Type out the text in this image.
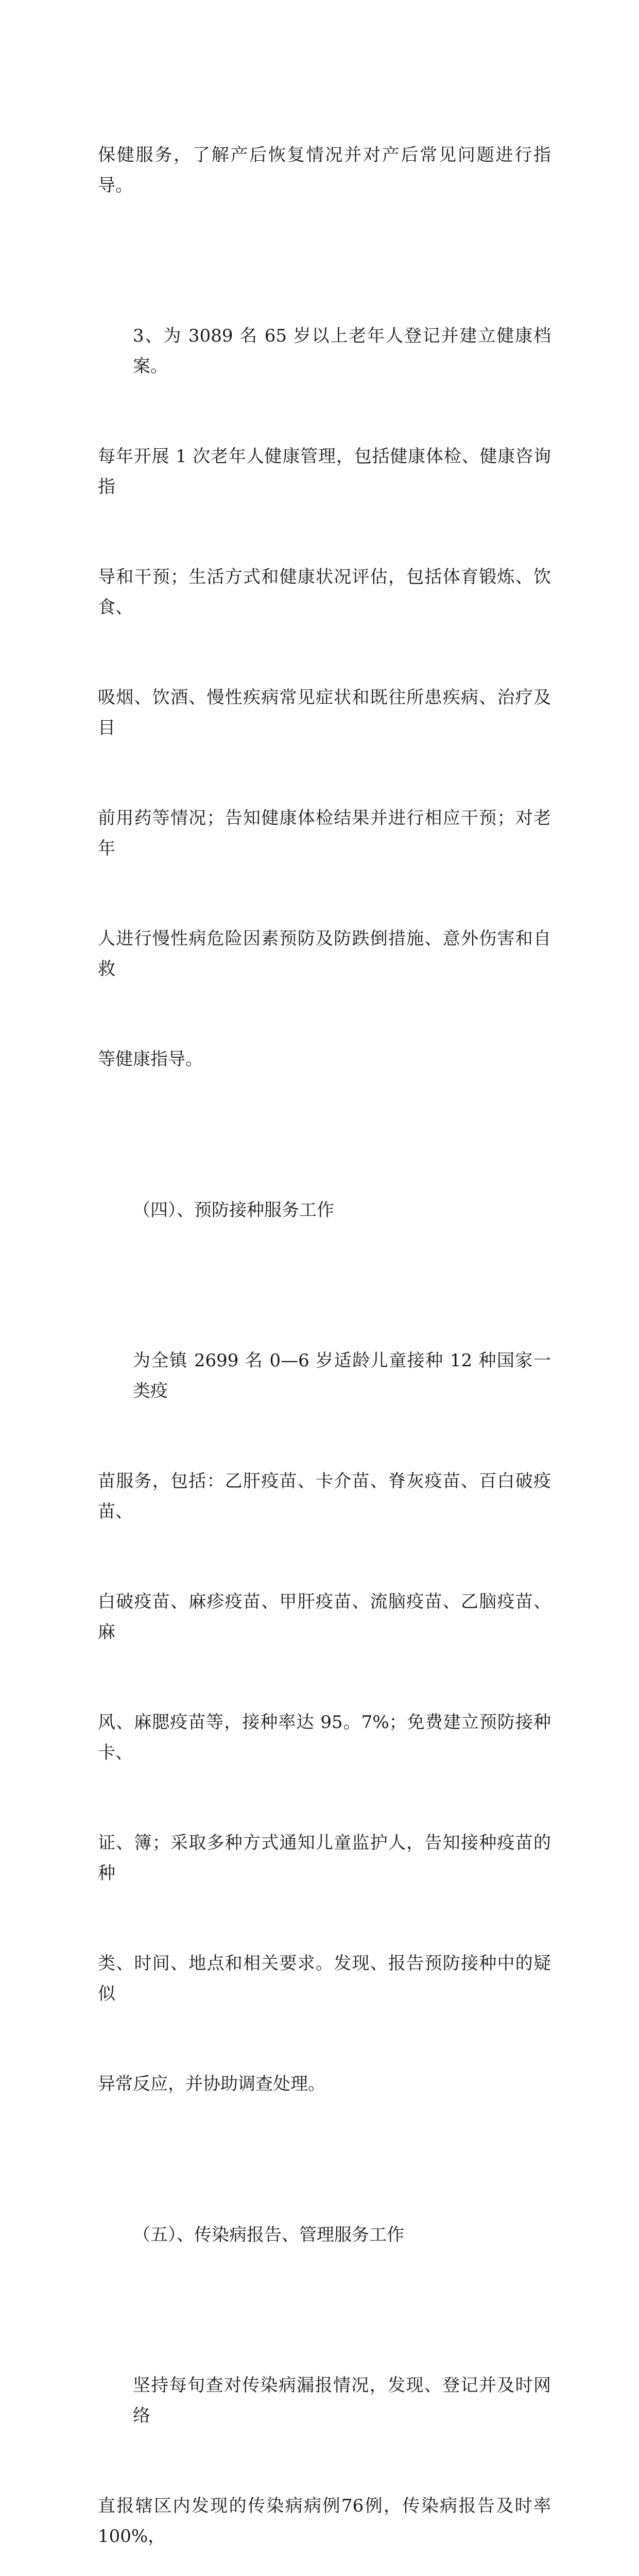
保健服务，了解产后恢复情况并对产后常见问题进行指导。

3、为 3089 名 65 岁以上老年人登记并建立健康档案。

每年开展 1 次老年人健康管理，包括健康体检、健康咨询指

导和干预；生活方式和健康状况评估，包括体育锻炼、饮食、

吸烟、饮酒、慢性疾病常见症状和既往所患疾病、治疗及目

前用药等情况；告知健康体检结果并进行相应干预；对老年

人进行慢性病危险因素预防及防跌倒措施、意外伤害和自救

等健康指导。

（四）、预防接种服务工作

为全镇 2699 名 0—6 岁适龄儿童接种 12 种国家一类疫

苗服务，包括：乙肝疫苗、卡介苗、脊灰疫苗、百白破疫苗、

白破疫苗、麻疹疫苗、甲肝疫苗、流脑疫苗、乙脑疫苗、麻

风、麻腮疫苗等，接种率达 95。7%；免费建立预防接种卡、

证、簿；采取多种方式通知儿童监护人，告知接种疫苗的种

类、时间、地点和相关要求。发现、报告预防接种中的疑似

异常反应，并协助调查处理。

（五）、传染病报告、管理服务工作

坚持每旬查对传染病漏报情况，发现、登记并及时网络

直报辖区内发现的传染病病例76例，传染病报告及时率100%，
